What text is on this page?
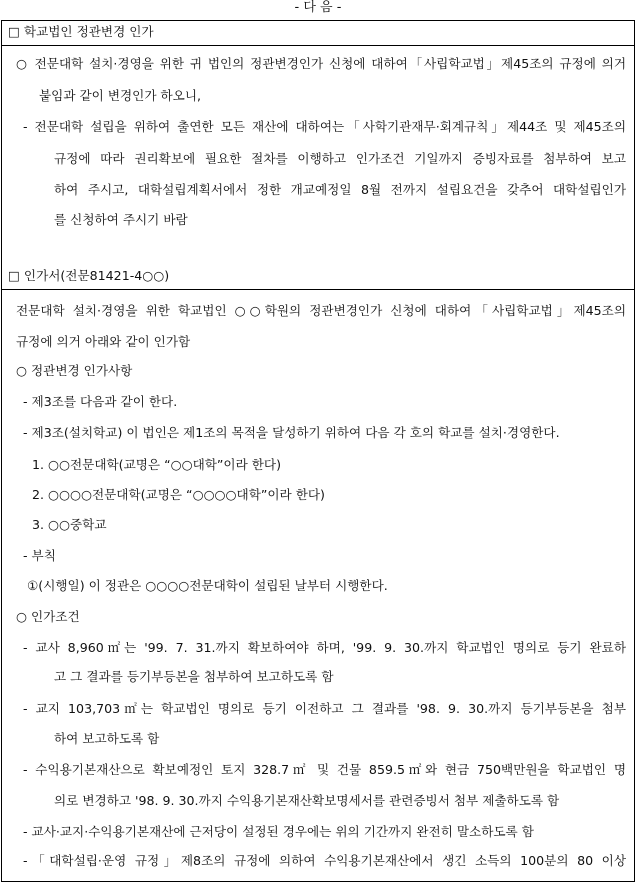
- 다 음 -
□ 학교법인 정관변경 인가
○ 전문대학 설치·경영을 위한 귀 법인의 정관변경인가 신청에 대하여「사립학교법」제45조의 규정에 의거
붙임과 같이 변경인가 하오니,
- 전문대학 설립을 위하여 출연한 모든 재산에 대하여는「사학기관재무·회계규칙」제44조 및 제45조의
규정에 따라 권리확보에 필요한 절차를 이행하고 인가조건 기일까지 증빙자료를 첨부하여 보고
하여 주시고, 대학설립계획서에서 정한 개교예정일 8월 전까지 설립요건을 갖추어 대학설립인가
를 신청하여 주시기 바람
□ 인가서(전문81421-4○○)
전문대학 설치·경영을 위한 학교법인 ○○학원의 정관변경인가 신청에 대하여「사립학교법」제45조의
규정에 의거 아래와 같이 인가함
○ 정관변경 인가사항
- 제3조를 다음과 같이 한다.
- 제3조(설치학교) 이 법인은 제1조의 목적을 달성하기 위하여 다음 각 호의 학교를 설치·경영한다.
1. ○○전문대학(교명은 “○○대학”이라 한다)
2. ○○○○전문대학(교명은 “○○○○대학”이라 한다)
3. ○○중학교
- 부칙
①(시행일) 이 정관은 ○○○○전문대학이 설립된 날부터 시행한다.
○ 인가조건
- 교사 8,960㎡는 '99. 7. 31.까지 확보하여야 하며, '99. 9. 30.까지 학교법인 명의로 등기 완료하
고 그 결과를 등기부등본을 첨부하여 보고하도록 함
- 교지 103,703㎡는 학교법인 명의로 등기 이전하고 그 결과를 '98. 9. 30.까지 등기부등본을 첨부
하여 보고하도록 함
- 수익용기본재산으로 확보예정인 토지 328.7㎡ 및 건물 859.5㎡와 현금 750백만원을 학교법인 명
의로 변경하고 '98. 9. 30.까지 수익용기본재산확보명세서를 관련증빙서 첨부 제출하도록 함
- 교사·교지·수익용기본재산에 근저당이 설정된 경우에는 위의 기간까지 완전히 말소하도록 함
-「대학설립·운영 규정」제8조의 규정에 의하여 수익용기본재산에서 생긴 소득의 100분의 80 이상
